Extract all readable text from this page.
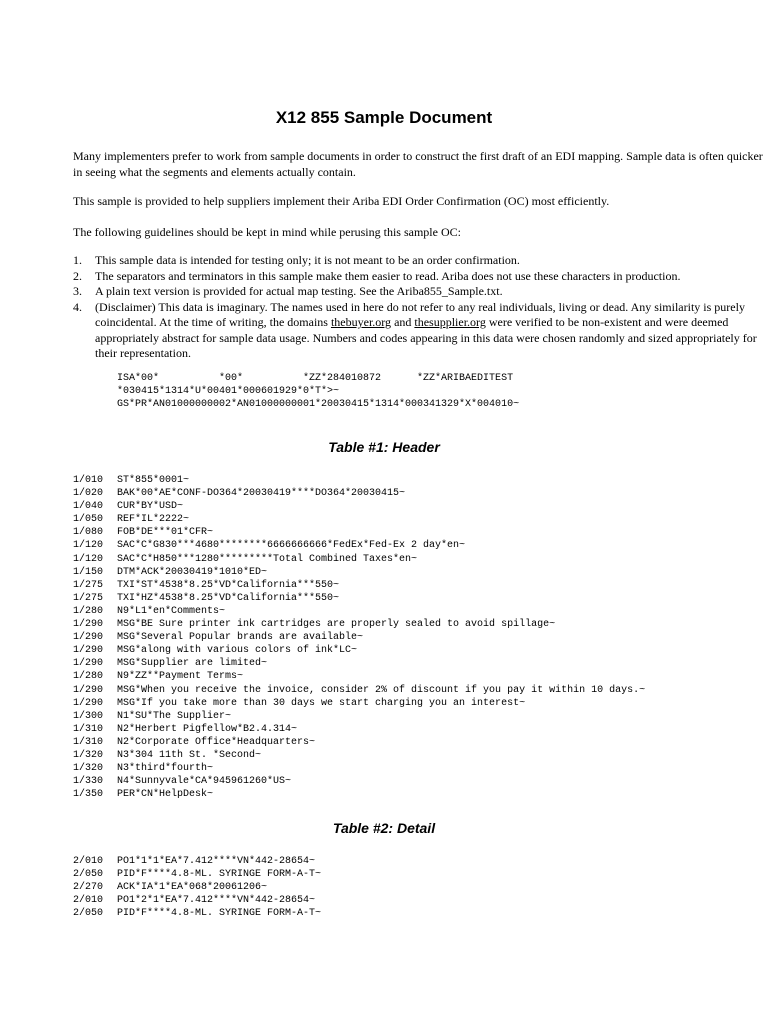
X12 855 Sample Document
Many implementers prefer to work from sample documents in order to construct the first draft of an EDI mapping. Sample data is often quicker in seeing what the segments and elements actually contain.
This sample is provided to help suppliers implement their Ariba EDI Order Confirmation (OC) most efficiently.
The following guidelines should be kept in mind while perusing this sample OC:
1. This sample data is intended for testing only; it is not meant to be an order confirmation.
2. The separators and terminators in this sample make them easier to read. Ariba does not use these characters in production.
3. A plain text version is provided for actual map testing. See the Ariba855_Sample.txt.
4. (Disclaimer) This data is imaginary. The names used in here do not refer to any real individuals, living or dead. Any similarity is purely coincidental. At the time of writing, the domains thebuyer.org and thesupplier.org were verified to be non-existent and were deemed appropriately abstract for sample data usage. Numbers and codes appearing in this data were chosen randomly and sized appropriately for their representation.
ISA*00*          *00*          *ZZ*284010872      *ZZ*ARIBAEDITEST
*030415*1314*U*00401*000601929*0*T*>~
GS*PR*AN01000000002*AN01000000001*20030415*1314*000341329*X*004010~
Table #1: Header
1/010 ST*855*0001~
1/020 BAK*00*AE*CONF-DO364*20030419****DO364*20030415~
1/040 CUR*BY*USD~
1/050 REF*IL*2222~
1/080 FOB*DE***01*CFR~
1/120 SAC*C*G830***4680********6666666666*FedEx*Fed-Ex 2 day*en~
1/120 SAC*C*H850***1280*********Total Combined Taxes*en~
1/150 DTM*ACK*20030419*1010*ED~
1/275 TXI*ST*4538*8.25*VD*California***550~
1/275 TXI*HZ*4538*8.25*VD*California***550~
1/280 N9*L1*en*Comments~
1/290 MSG*BE Sure printer ink cartridges are properly sealed to avoid spillage~
1/290 MSG*Several Popular brands are available~
1/290 MSG*along with various colors of ink*LC~
1/290 MSG*Supplier are limited~
1/280 N9*ZZ**Payment Terms~
1/290 MSG*When you receive the invoice, consider 2% of discount if you pay it within 10 days.~
1/290 MSG*If you take more than 30 days we start charging you an interest~
1/300 N1*SU*The Supplier~
1/310 N2*Herbert Pigfellow*B2.4.314~
1/310 N2*Corporate Office*Headquarters~
1/320 N3*304 11th St. *Second~
1/320 N3*third*fourth~
1/330 N4*Sunnyvale*CA*945961260*US~
1/350 PER*CN*HelpDesk~
Table #2: Detail
2/010 PO1*1*1*EA*7.412****VN*442-28654~
2/050 PID*F****4.8-ML. SYRINGE FORM-A-T~
2/270 ACK*IA*1*EA*068*20061206~
2/010 PO1*2*1*EA*7.412****VN*442-28654~
2/050 PID*F****4.8-ML. SYRINGE FORM-A-T~
